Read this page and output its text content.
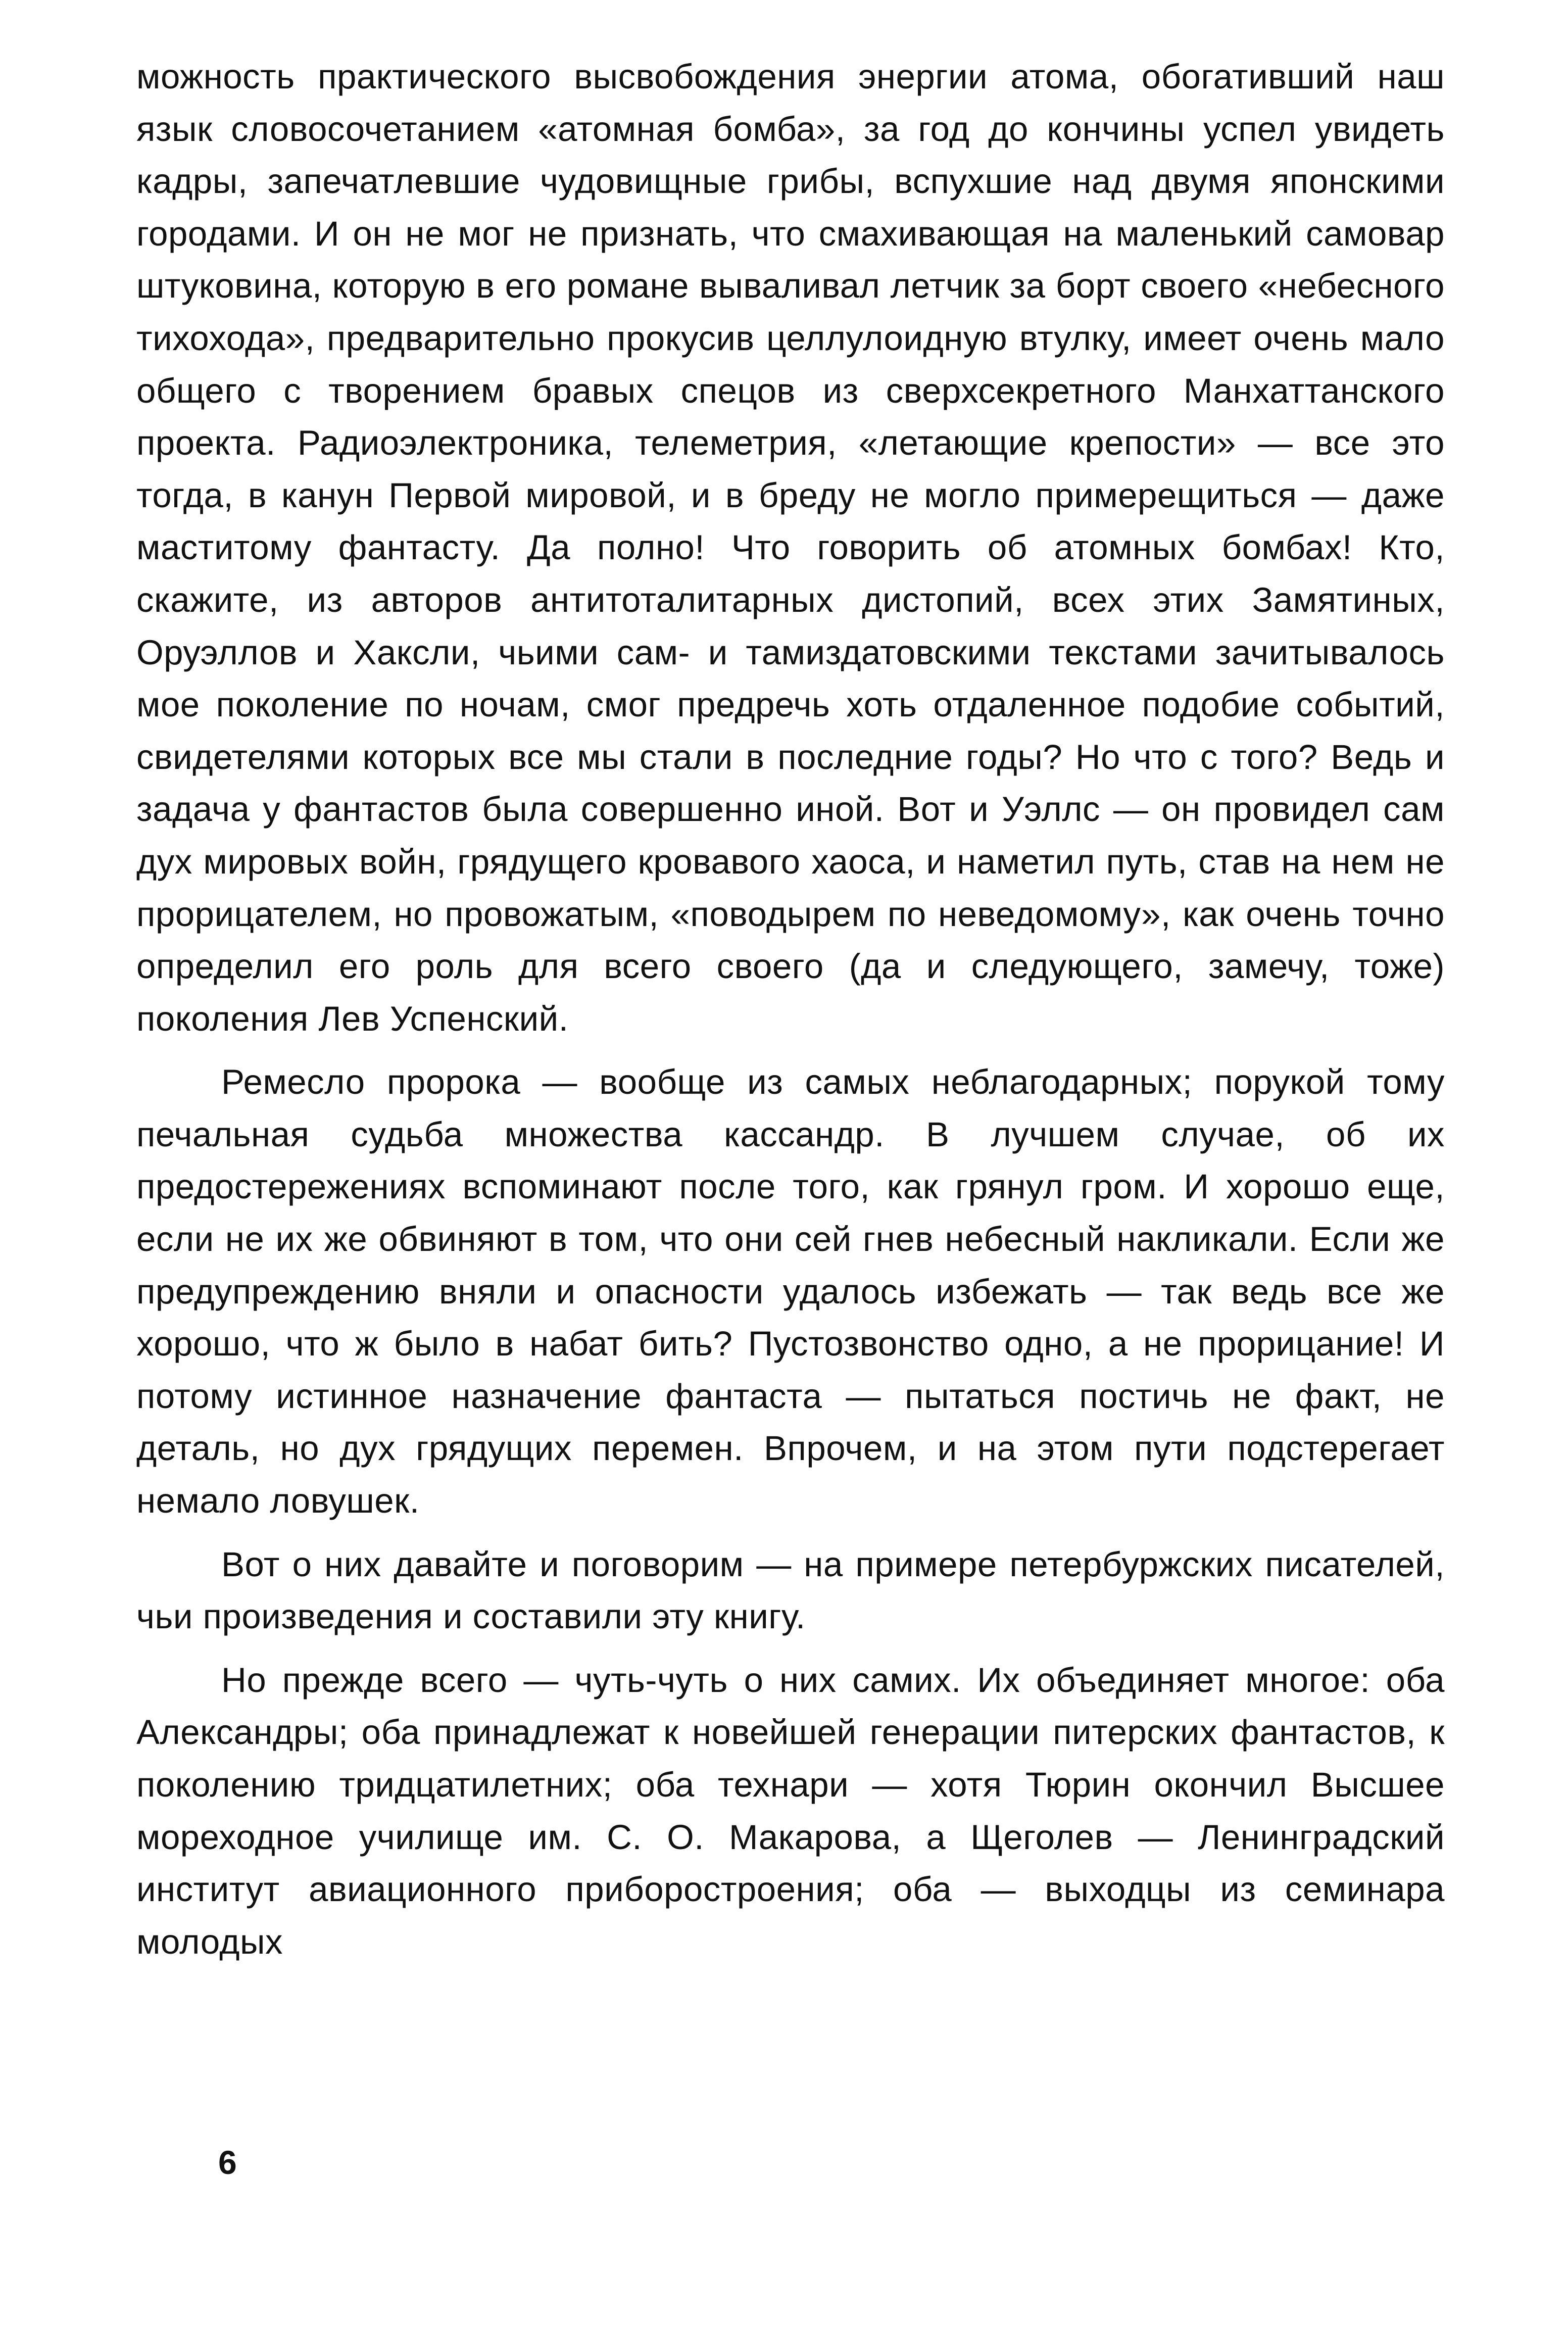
можность практического высвобождения энергии атома, обогативший наш язык словосочетанием «атомная бомба», за год до кончины успел увидеть кадры, запечатлевшие чудовищные грибы, вспухшие над двумя японскими городами. И он не мог не признать, что смахивающая на маленький самовар штуковина, которую в его романе вываливал летчик за борт своего «небесного тихохода», предварительно прокусив целлулоидную втулку, имеет очень мало общего с творением бравых спецов из сверхсекретного Манхаттанского проекта. Радиоэлектроника, телеметрия, «летающие крепости» — все это тогда, в канун Первой мировой, и в бреду не могло примерещиться — даже маститому фантасту. Да полно! Что говорить об атомных бомбах! Кто, скажите, из авторов антитоталитарных дистопий, всех этих Замятиных, Оруэллов и Хаксли, чьими сам- и тамиздатовскими текстами зачитывалось мое поколение по ночам, смог предречь хоть отдаленное подобие событий, свидетелями которых все мы стали в последние годы? Но что с того? Ведь и задача у фантастов была совершенно иной. Вот и Уэллс — он провидел сам дух мировых войн, грядущего кровавого хаоса, и наметил путь, став на нем не прорицателем, но провожатым, «поводырем по неведомому», как очень точно определил его роль для всего своего (да и следующего, замечу, тоже) поколения Лев Успенский.

Ремесло пророка — вообще из самых неблагодарных; порукой тому печальная судьба множества кассандр. В лучшем случае, об их предостережениях вспоминают после того, как грянул гром. И хорошо еще, если не их же обвиняют в том, что они сей гнев небесный накликали. Если же предупреждению вняли и опасности удалось избежать — так ведь все же хорошо, что ж было в набат бить? Пустозвонство одно, а не прорицание! И потому истинное назначение фантаста — пытаться постичь не факт, не деталь, но дух грядущих перемен. Впрочем, и на этом пути подстерегает немало ловушек.

Вот о них давайте и поговорим — на примере петербуржских писателей, чьи произведения и составили эту книгу.

Но прежде всего — чуть-чуть о них самих. Их объединяет многое: оба Александры; оба принадлежат к новейшей генерации питерских фантастов, к поколению тридцатилетних; оба технари — хотя Тюрин окончил Высшее мореходное училище им. С. О. Макарова, а Щеголев — Ленинградский институт авиационного приборостроения; оба — выходцы из семинара молодых

6
